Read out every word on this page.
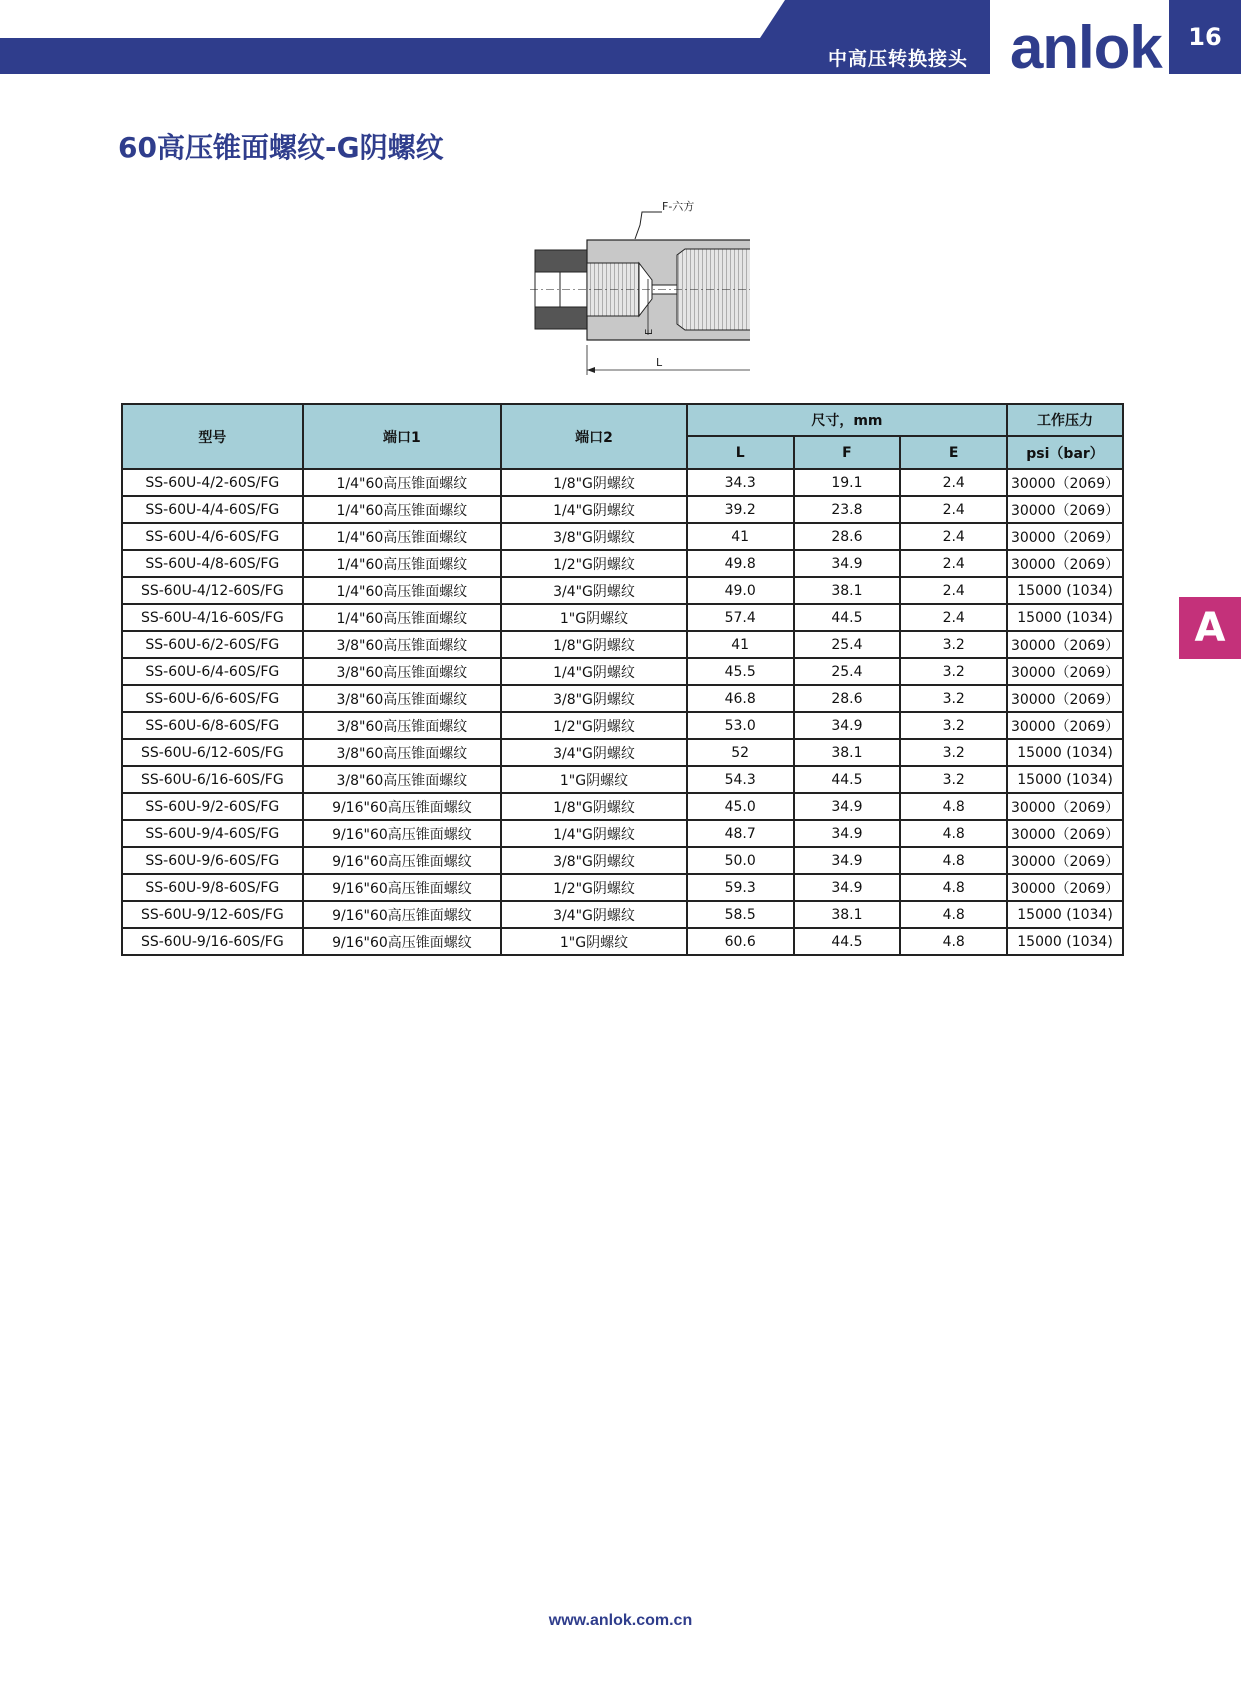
中高压转换接头 anlok	16
A
60高压锥面螺纹-G阴螺纹
F-六方
E
L
型号	端口1	端口2	尺寸，mm			工作压力
			L	F	E	psi（bar）
SS-60U-4/2-60S/FG	1/4"60高压锥面螺纹	1/8"G阴螺纹	34.3	19.1	2.4	30000（2069）
SS-60U-4/4-60S/FG	1/4"60高压锥面螺纹	1/4"G阴螺纹	39.2	23.8	2.4	30000（2069）
SS-60U-4/6-60S/FG	1/4"60高压锥面螺纹	3/8"G阴螺纹	41	28.6	2.4	30000（2069）
SS-60U-4/8-60S/FG	1/4"60高压锥面螺纹	1/2"G阴螺纹	49.8	34.9	2.4	30000（2069）
SS-60U-4/12-60S/FG	1/4"60高压锥面螺纹	3/4"G阴螺纹	49.0	38.1	2.4	15000 (1034)
SS-60U-4/16-60S/FG	1/4"60高压锥面螺纹	1"G阴螺纹	57.4	44.5	2.4	15000 (1034)
SS-60U-6/2-60S/FG	3/8"60高压锥面螺纹	1/8"G阴螺纹	41	25.4	3.2	30000（2069）
SS-60U-6/4-60S/FG	3/8"60高压锥面螺纹	1/4"G阴螺纹	45.5	25.4	3.2	30000（2069）
SS-60U-6/6-60S/FG	3/8"60高压锥面螺纹	3/8"G阴螺纹	46.8	28.6	3.2	30000（2069）
SS-60U-6/8-60S/FG	3/8"60高压锥面螺纹	1/2"G阴螺纹	53.0	34.9	3.2	30000（2069）
SS-60U-6/12-60S/FG	3/8"60高压锥面螺纹	3/4"G阴螺纹	52	38.1	3.2	15000 (1034)
SS-60U-6/16-60S/FG	3/8"60高压锥面螺纹	1"G阴螺纹	54.3	44.5	3.2	15000 (1034)
SS-60U-9/2-60S/FG	9/16"60高压锥面螺纹	1/8"G阴螺纹	45.0	34.9	4.8	30000（2069）
SS-60U-9/4-60S/FG	9/16"60高压锥面螺纹	1/4"G阴螺纹	48.7	34.9	4.8	30000（2069）
SS-60U-9/6-60S/FG	9/16"60高压锥面螺纹	3/8"G阴螺纹	50.0	34.9	4.8	30000（2069）
SS-60U-9/8-60S/FG	9/16"60高压锥面螺纹	1/2"G阴螺纹	59.3	34.9	4.8	30000（2069）
SS-60U-9/12-60S/FG	9/16"60高压锥面螺纹	3/4"G阴螺纹	58.5	38.1	4.8	15000 (1034)
SS-60U-9/16-60S/FG	9/16"60高压锥面螺纹	1"G阴螺纹	60.6	44.5	4.8	15000 (1034)
www.anlok.com.cn
